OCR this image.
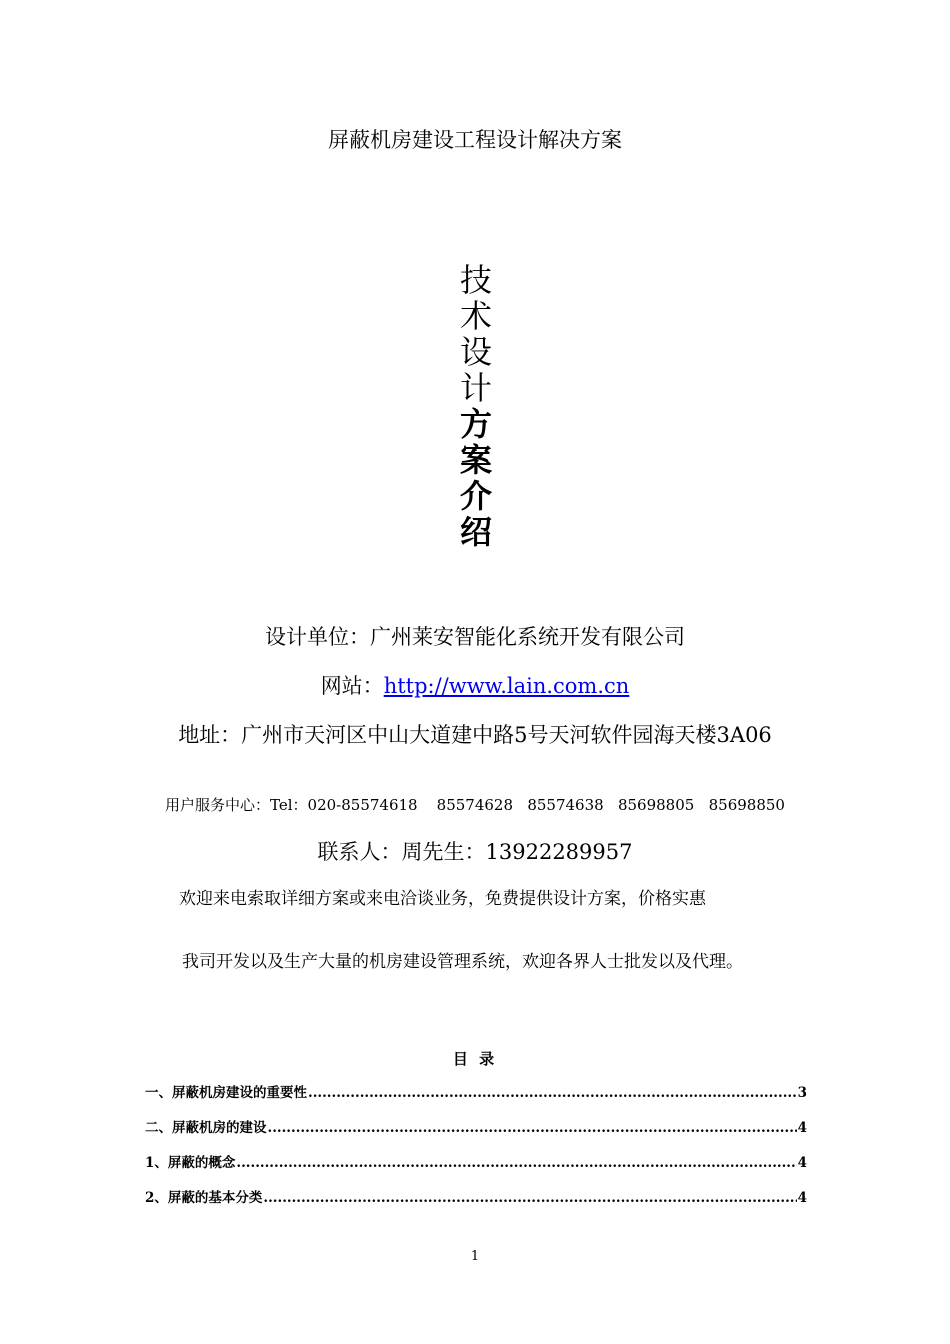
屏蔽机房建设工程设计解决方案
技
术
设
计
方
案
介
绍
设计单位：广州莱安智能化系统开发有限公司
网站：http://www.lain.com.cn
地址：广州市天河区中山大道建中路5号天河软件园海天楼3A06
用户服务中心：Tel：020-85574618    85574628   85574638   85698805   85698850
联系人：周先生：13922289957
欢迎来电索取详细方案或来电洽谈业务，免费提供设计方案，价格实惠
我司开发以及生产大量的机房建设管理系统，欢迎各界人士批发以及代理。
目 录
一、屏蔽机房建设的重要性 .....	3
二、屏蔽机房的建设 .....	4
1、屏蔽的概念 .....	4
2、屏蔽的基本分类 .....	4
1
